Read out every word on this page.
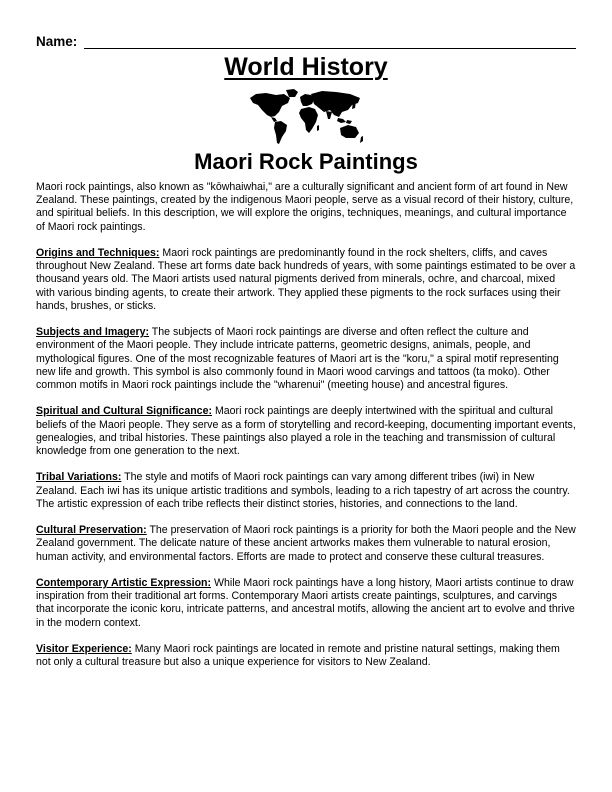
Name:
World History
Maori Rock Paintings

Maori rock paintings, also known as "kōwhaiwhai," are a culturally significant and ancient form of art found in New Zealand. These paintings, created by the indigenous Maori people, serve as a visual record of their history, culture, and spiritual beliefs. In this description, we will explore the origins, techniques, meanings, and cultural importance of Maori rock paintings.

Origins and Techniques: Maori rock paintings are predominantly found in the rock shelters, cliffs, and caves throughout New Zealand. These art forms date back hundreds of years, with some paintings estimated to be over a thousand years old. The Maori artists used natural pigments derived from minerals, ochre, and charcoal, mixed with various binding agents, to create their artwork. They applied these pigments to the rock surfaces using their hands, brushes, or sticks.

Subjects and Imagery: The subjects of Maori rock paintings are diverse and often reflect the culture and environment of the Maori people. They include intricate patterns, geometric designs, animals, people, and mythological figures. One of the most recognizable features of Maori art is the "koru," a spiral motif representing new life and growth. This symbol is also commonly found in Maori wood carvings and tattoos (ta moko). Other common motifs in Maori rock paintings include the "wharenui" (meeting house) and ancestral figures.

Spiritual and Cultural Significance: Maori rock paintings are deeply intertwined with the spiritual and cultural beliefs of the Maori people. They serve as a form of storytelling and record-keeping, documenting important events, genealogies, and tribal histories. These paintings also played a role in the teaching and transmission of cultural knowledge from one generation to the next.

Tribal Variations: The style and motifs of Maori rock paintings can vary among different tribes (iwi) in New Zealand. Each iwi has its unique artistic traditions and symbols, leading to a rich tapestry of art across the country. The artistic expression of each tribe reflects their distinct stories, histories, and connections to the land.

Cultural Preservation: The preservation of Maori rock paintings is a priority for both the Maori people and the New Zealand government. The delicate nature of these ancient artworks makes them vulnerable to natural erosion, human activity, and environmental factors. Efforts are made to protect and conserve these cultural treasures.

Contemporary Artistic Expression: While Maori rock paintings have a long history, Maori artists continue to draw inspiration from their traditional art forms. Contemporary Maori artists create paintings, sculptures, and carvings that incorporate the iconic koru, intricate patterns, and ancestral motifs, allowing the ancient art to evolve and thrive in the modern context.

Visitor Experience: Many Maori rock paintings are located in remote and pristine natural settings, making them not only a cultural treasure but also a unique experience for visitors to New Zealand.
